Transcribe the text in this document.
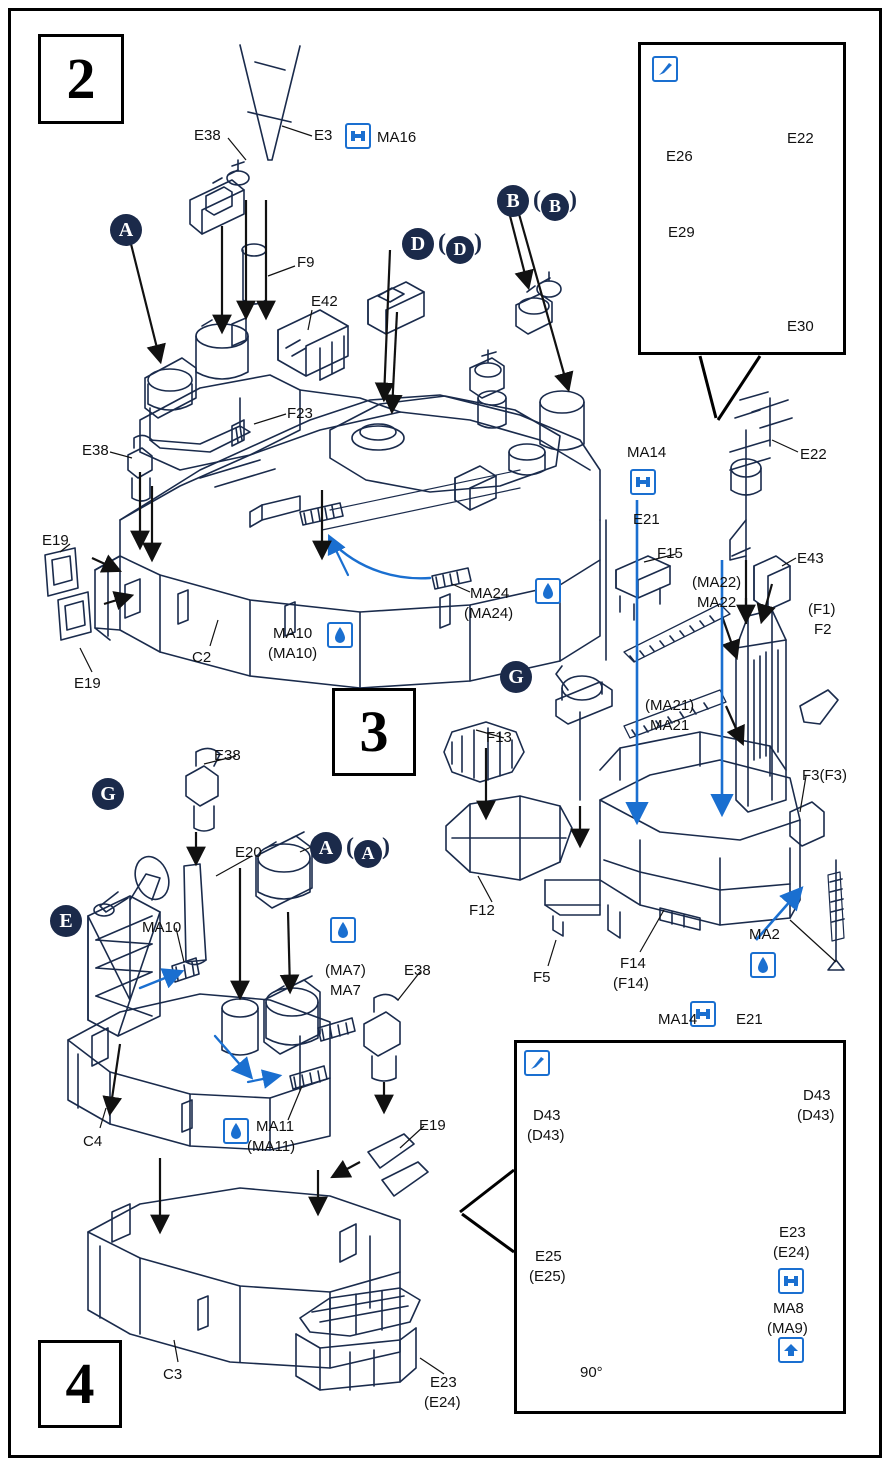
2
3
4
A
B ( B )
D ( D )
G
G
E
A ( A )
E38	E3	MA16
F9
E42
F23
E38
E19
E19
C2
MA24
(MA24)
MA10
(MA10)
E26
E22
E29
E30
MA14
E21
E22
F15	E43
(MA22)
MA22	(F1)
F2
(MA21)
MA21
F3(F3)
F13
F12
F5
F14
(F14)
MA2
MA14	E21
E38
E20
MA10
(MA7)
MA7
E38
C4
MA11
(MA11)
E19
C3	E23
(E24)
D43
(D43)
D43
(D43)
E25
(E25)
E23
(E24)
MA8
(MA9)
90°
